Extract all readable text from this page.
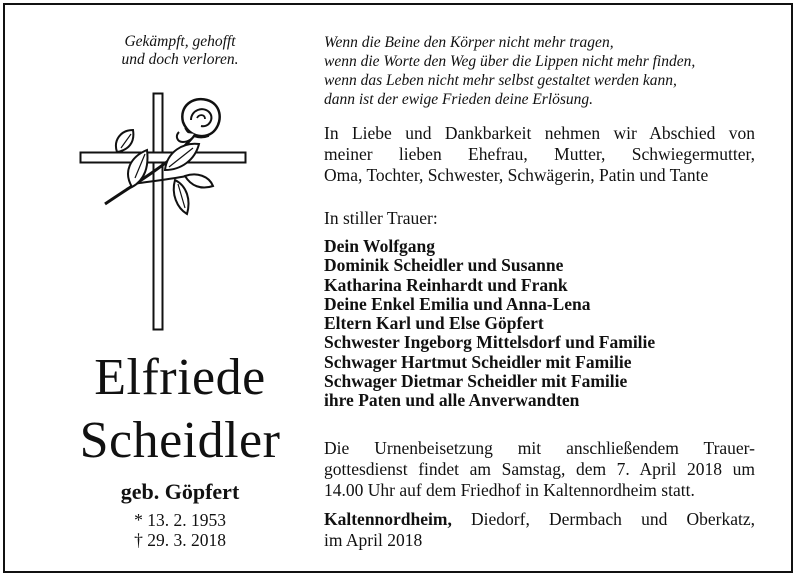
Gekämpft, gehofft
und doch verloren.
Wenn die Beine den Körper nicht mehr tragen,
wenn die Worte den Weg über die Lippen nicht mehr finden,
wenn das Leben nicht mehr selbst gestaltet werden kann,
dann ist der ewige Frieden deine Erlösung.
In Liebe und Dankbarkeit nehmen wir Abschied von
meiner lieben Ehefrau, Mutter, Schwiegermutter,
Oma, Tochter, Schwester, Schwägerin, Patin und Tante
In stiller Trauer:
Dein Wolfgang
Dominik Scheidler und Susanne
Katharina Reinhardt und Frank
Deine Enkel Emilia und Anna-Lena
Eltern Karl und Else Göpfert
Schwester Ingeborg Mittelsdorf und Familie
Schwager Hartmut Scheidler mit Familie
Schwager Dietmar Scheidler mit Familie
ihre Paten und alle Anverwandten
Die Urnenbeisetzung mit anschließendem Trauer-
gottesdienst findet am Samstag, dem 7. April 2018 um
14.00 Uhr auf dem Friedhof in Kaltennordheim statt.
Kaltennordheim, Diedorf, Dermbach und Oberkatz,
im April 2018
Elfriede
Scheidler
geb. Göpfert
* 13. 2. 1953
† 29. 3. 2018
